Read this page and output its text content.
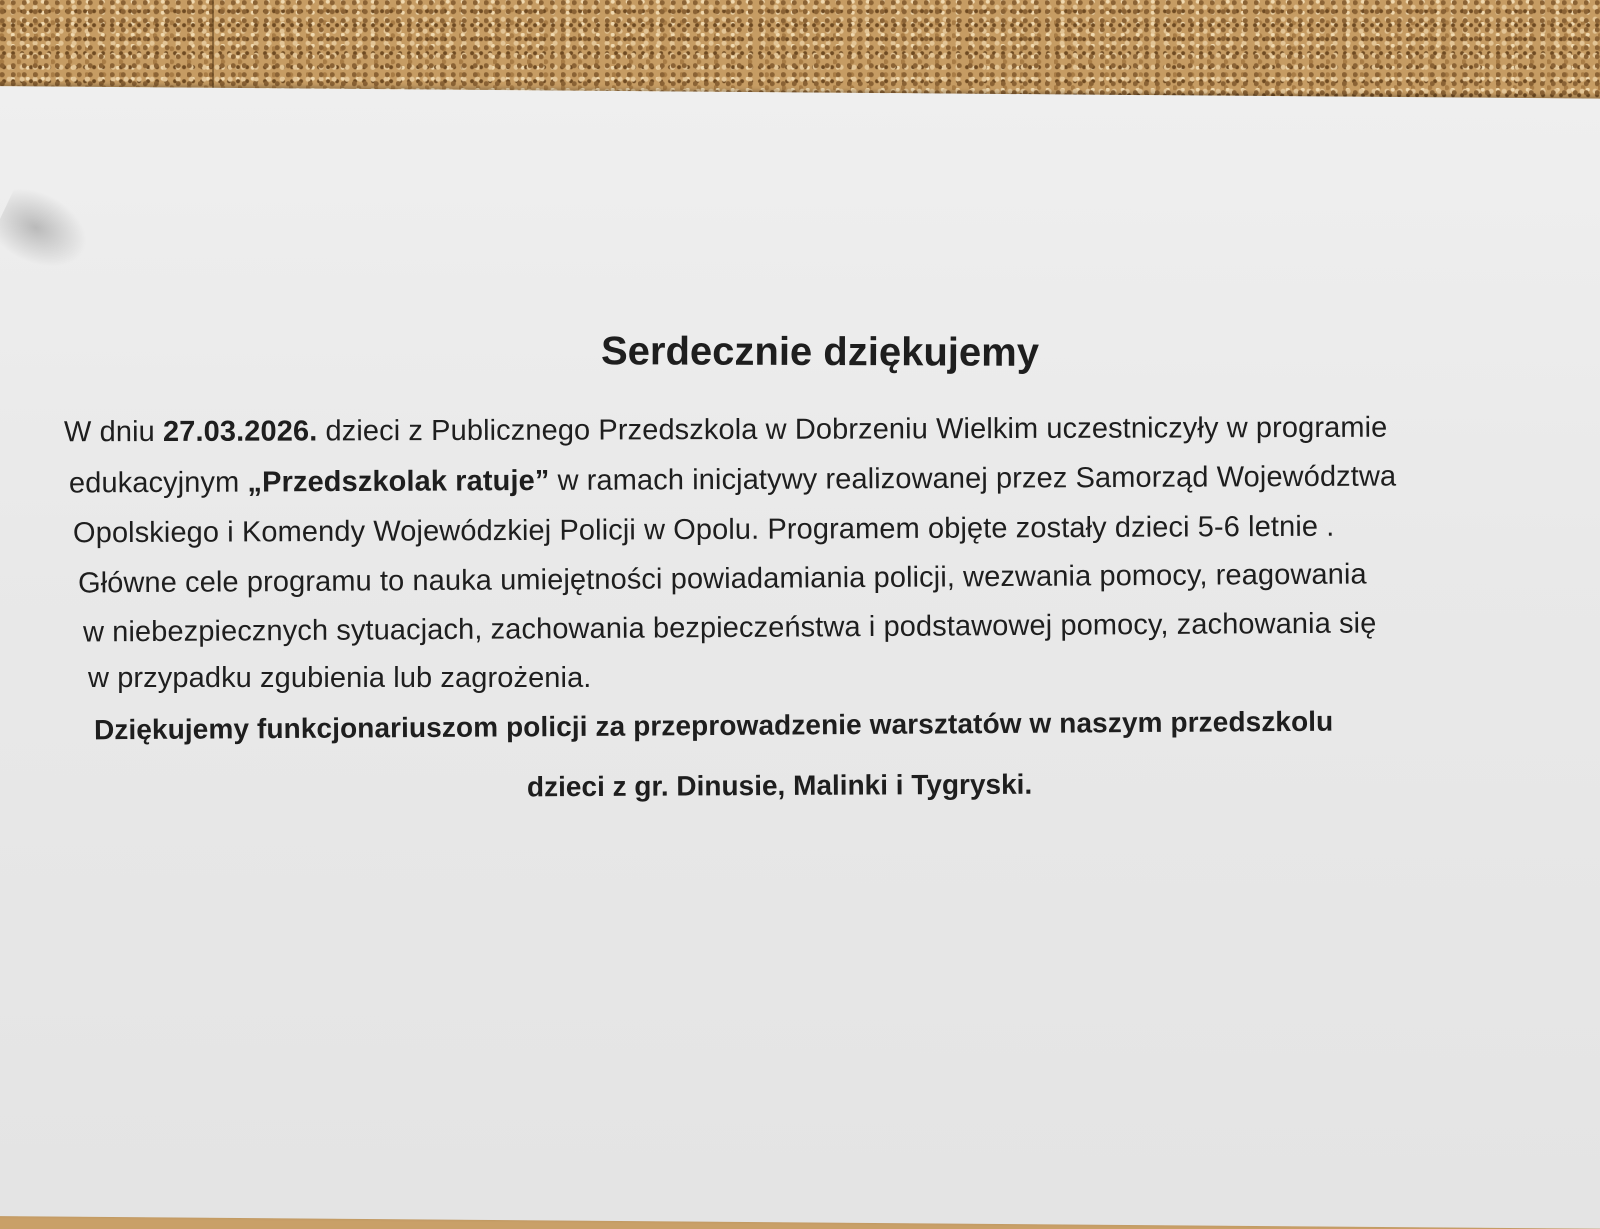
Serdecznie dziękujemy
W dniu 27.03.2026. dzieci z Publicznego Przedszkola w Dobrzeniu Wielkim uczestniczyły w programie
edukacyjnym „Przedszkolak ratuje” w ramach inicjatywy realizowanej przez Samorząd Województwa
Opolskiego i Komendy Wojewódzkiej Policji w Opolu. Programem objęte zostały dzieci 5-6 letnie .
Główne cele programu to nauka umiejętności powiadamiania policji, wezwania pomocy, reagowania
w niebezpiecznych sytuacjach, zachowania bezpieczeństwa i podstawowej pomocy, zachowania się
w przypadku zgubienia lub zagrożenia.
Dziękujemy funkcjonariuszom policji za przeprowadzenie warsztatów w naszym przedszkolu
dzieci z gr. Dinusie, Malinki i Tygryski.
